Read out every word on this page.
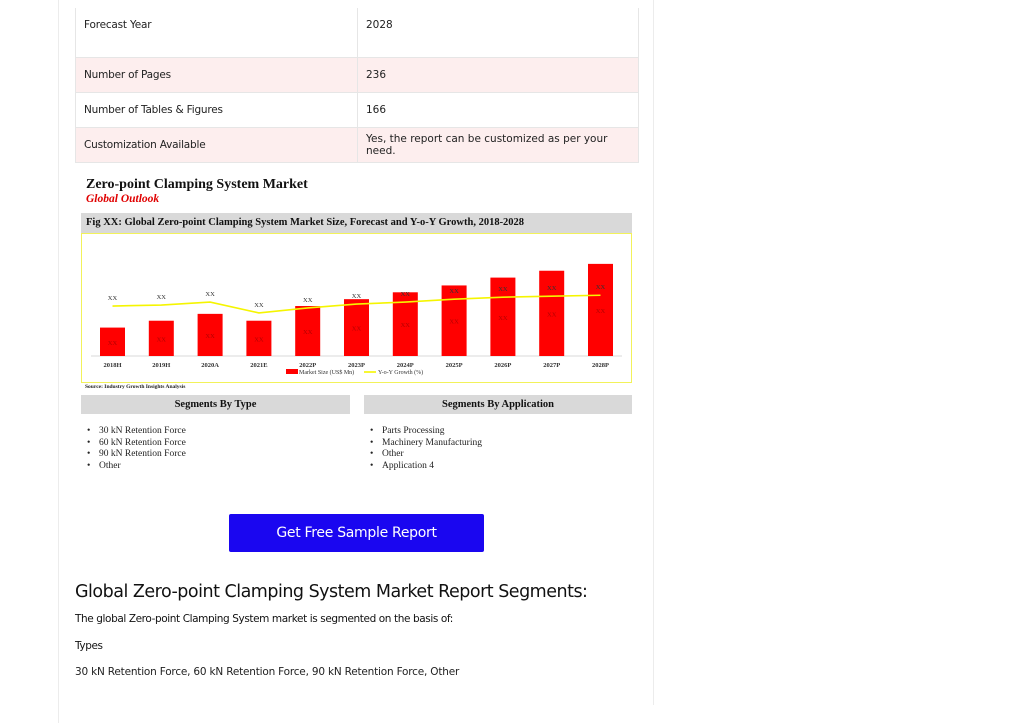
Forecast Year	2028
Number of Pages	236
Number of Tables & Figures	166
Customization Available	Yes, the report can be customized as per your need.
Zero-point Clamping System Market
Global Outlook
Fig XX: Global Zero-point Clamping System Market Size, Forecast and Y-o-Y Growth, 2018-2028
XX
2018H
XX
2019H
XX
2020A
XX
2021E
XX
2022P
XX
2023P
XX
2024P
XX
2025P
XX
2026P
XX
2027P
XX
2028P
XX	XX	XX
XX
XX
XX	XX	XX	XX	XX	XX
Market Size (US$ Mn)	Y-o-Y Growth (%)
Source: Industry Growth Insights Analysis
Segments By Type	Segments By Application
• 30 kN Retention Force
• 60 kN Retention Force
• 90 kN Retention Force
• Other
• Parts Processing
• Machinery Manufacturing
• Other
• Application 4
Get Free Sample Report
Global Zero-point Clamping System Market Report Segments:

The global Zero-point Clamping System market is segmented on the basis of:

Types

30 kN Retention Force, 60 kN Retention Force, 90 kN Retention Force, Other
